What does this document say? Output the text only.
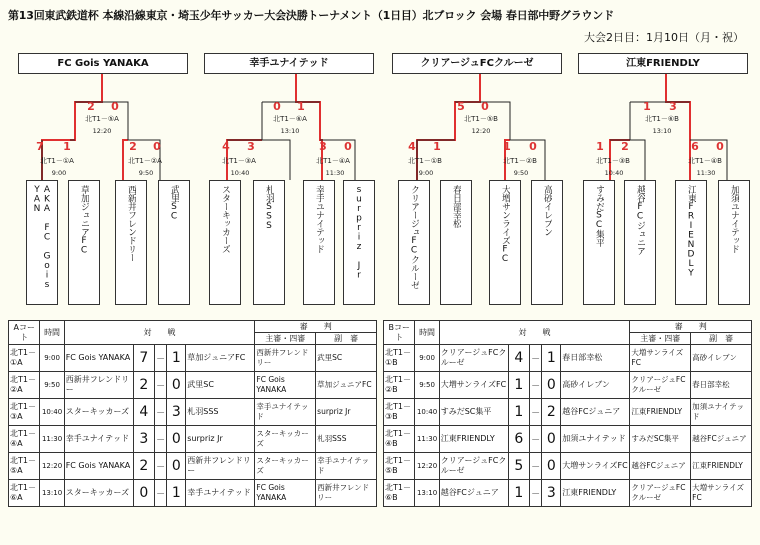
第13回東武鉄道杯 本線沿線東京・埼玉少年サッカー大会決勝トーナメント（1日目）北ブロック 会場 春日部中野グラウンド
大会2日目：1月10日（月・祝）
FC Gois YANAKA	幸手ユナイテッド	クリアージュFCクルーゼ	江東FRIENDLY
2 0	0 1	5 0	1 3
北T1－⑤A
12:20
北T1－⑥A
13:10
北T1－⑤B
12:20
北T1－⑥B
13:10
7 1	2 0	4 3	3 0	4 1	1 0	1 2	6 0
北T1－①A
9:00
北T1－②A
9:50
北T1－③A
10:40
北T1－④A
11:30
北T1－①B
9:00
北T1－②B
9:50
北T1－③B
10:40
北T1－④B
11:30
AKA FC Gois YAN	草加ジュニアFC	西新井フレンドリー	武里SC	スターキッカーズ	札羽SSS	幸手ユナイテッド	surpriz Jr	クリアージュFCクルーゼ	春日部幸松	大増サンライズFC	高砂イレブン	すみだSC集平	越谷FCジュニア	江東FRIENDLY	加須ユナイテッド
Aコート	時間	対　　戦					審　　判	
							主審・四審	副　審
北T1－①A	9:00	FC Gois YANAKA	7	－	1	草加ジュニアFC	西新井フレンドリー	武里SC
北T1－②A	9:50	西新井フレンドリー	2	－	0	武里SC	FC Gois YANAKA	草加ジュニアFC
北T1－③A	10:40	スターキッカーズ	4	－	3	札羽SSS	幸手ユナイテッド	surpriz Jr
北T1－④A	11:30	幸手ユナイテッド	3	－	0	surpriz Jr	スターキッカーズ	札羽SSS
北T1－⑤A	12:20	FC Gois YANAKA	2	－	0	西新井フレンドリー	スターキッカーズ	幸手ユナイテッド
北T1－⑥A	13:10	スターキッカーズ	0	－	1	幸手ユナイテッド	FC Gois YANAKA	西新井フレンドリー
Bコート	時間	対　　戦					審　　判	
							主審・四審	副　審
北T1－①B	9:00	クリアージュFCクルーゼ	4	－	1	春日部幸松	大増サンライズFC	高砂イレブン
北T1－②B	9:50	大増サンライズFC	1	－	0	高砂イレブン	クリアージュFCクルーゼ	春日部幸松
北T1－③B	10:40	すみだSC集平	1	－	2	越谷FCジュニア	江東FRIENDLY	加須ユナイテッド
北T1－④B	11:30	江東FRIENDLY	6	－	0	加須ユナイテッド	すみだSC集平	越谷FCジュニア
北T1－⑤B	12:20	クリアージュFCクルーゼ	5	－	0	大増サンライズFC	越谷FCジュニア	江東FRIENDLY
北T1－⑥B	13:10	越谷FCジュニア	1	－	3	江東FRIENDLY	クリアージュFCクルーゼ	大増サンライズFC
